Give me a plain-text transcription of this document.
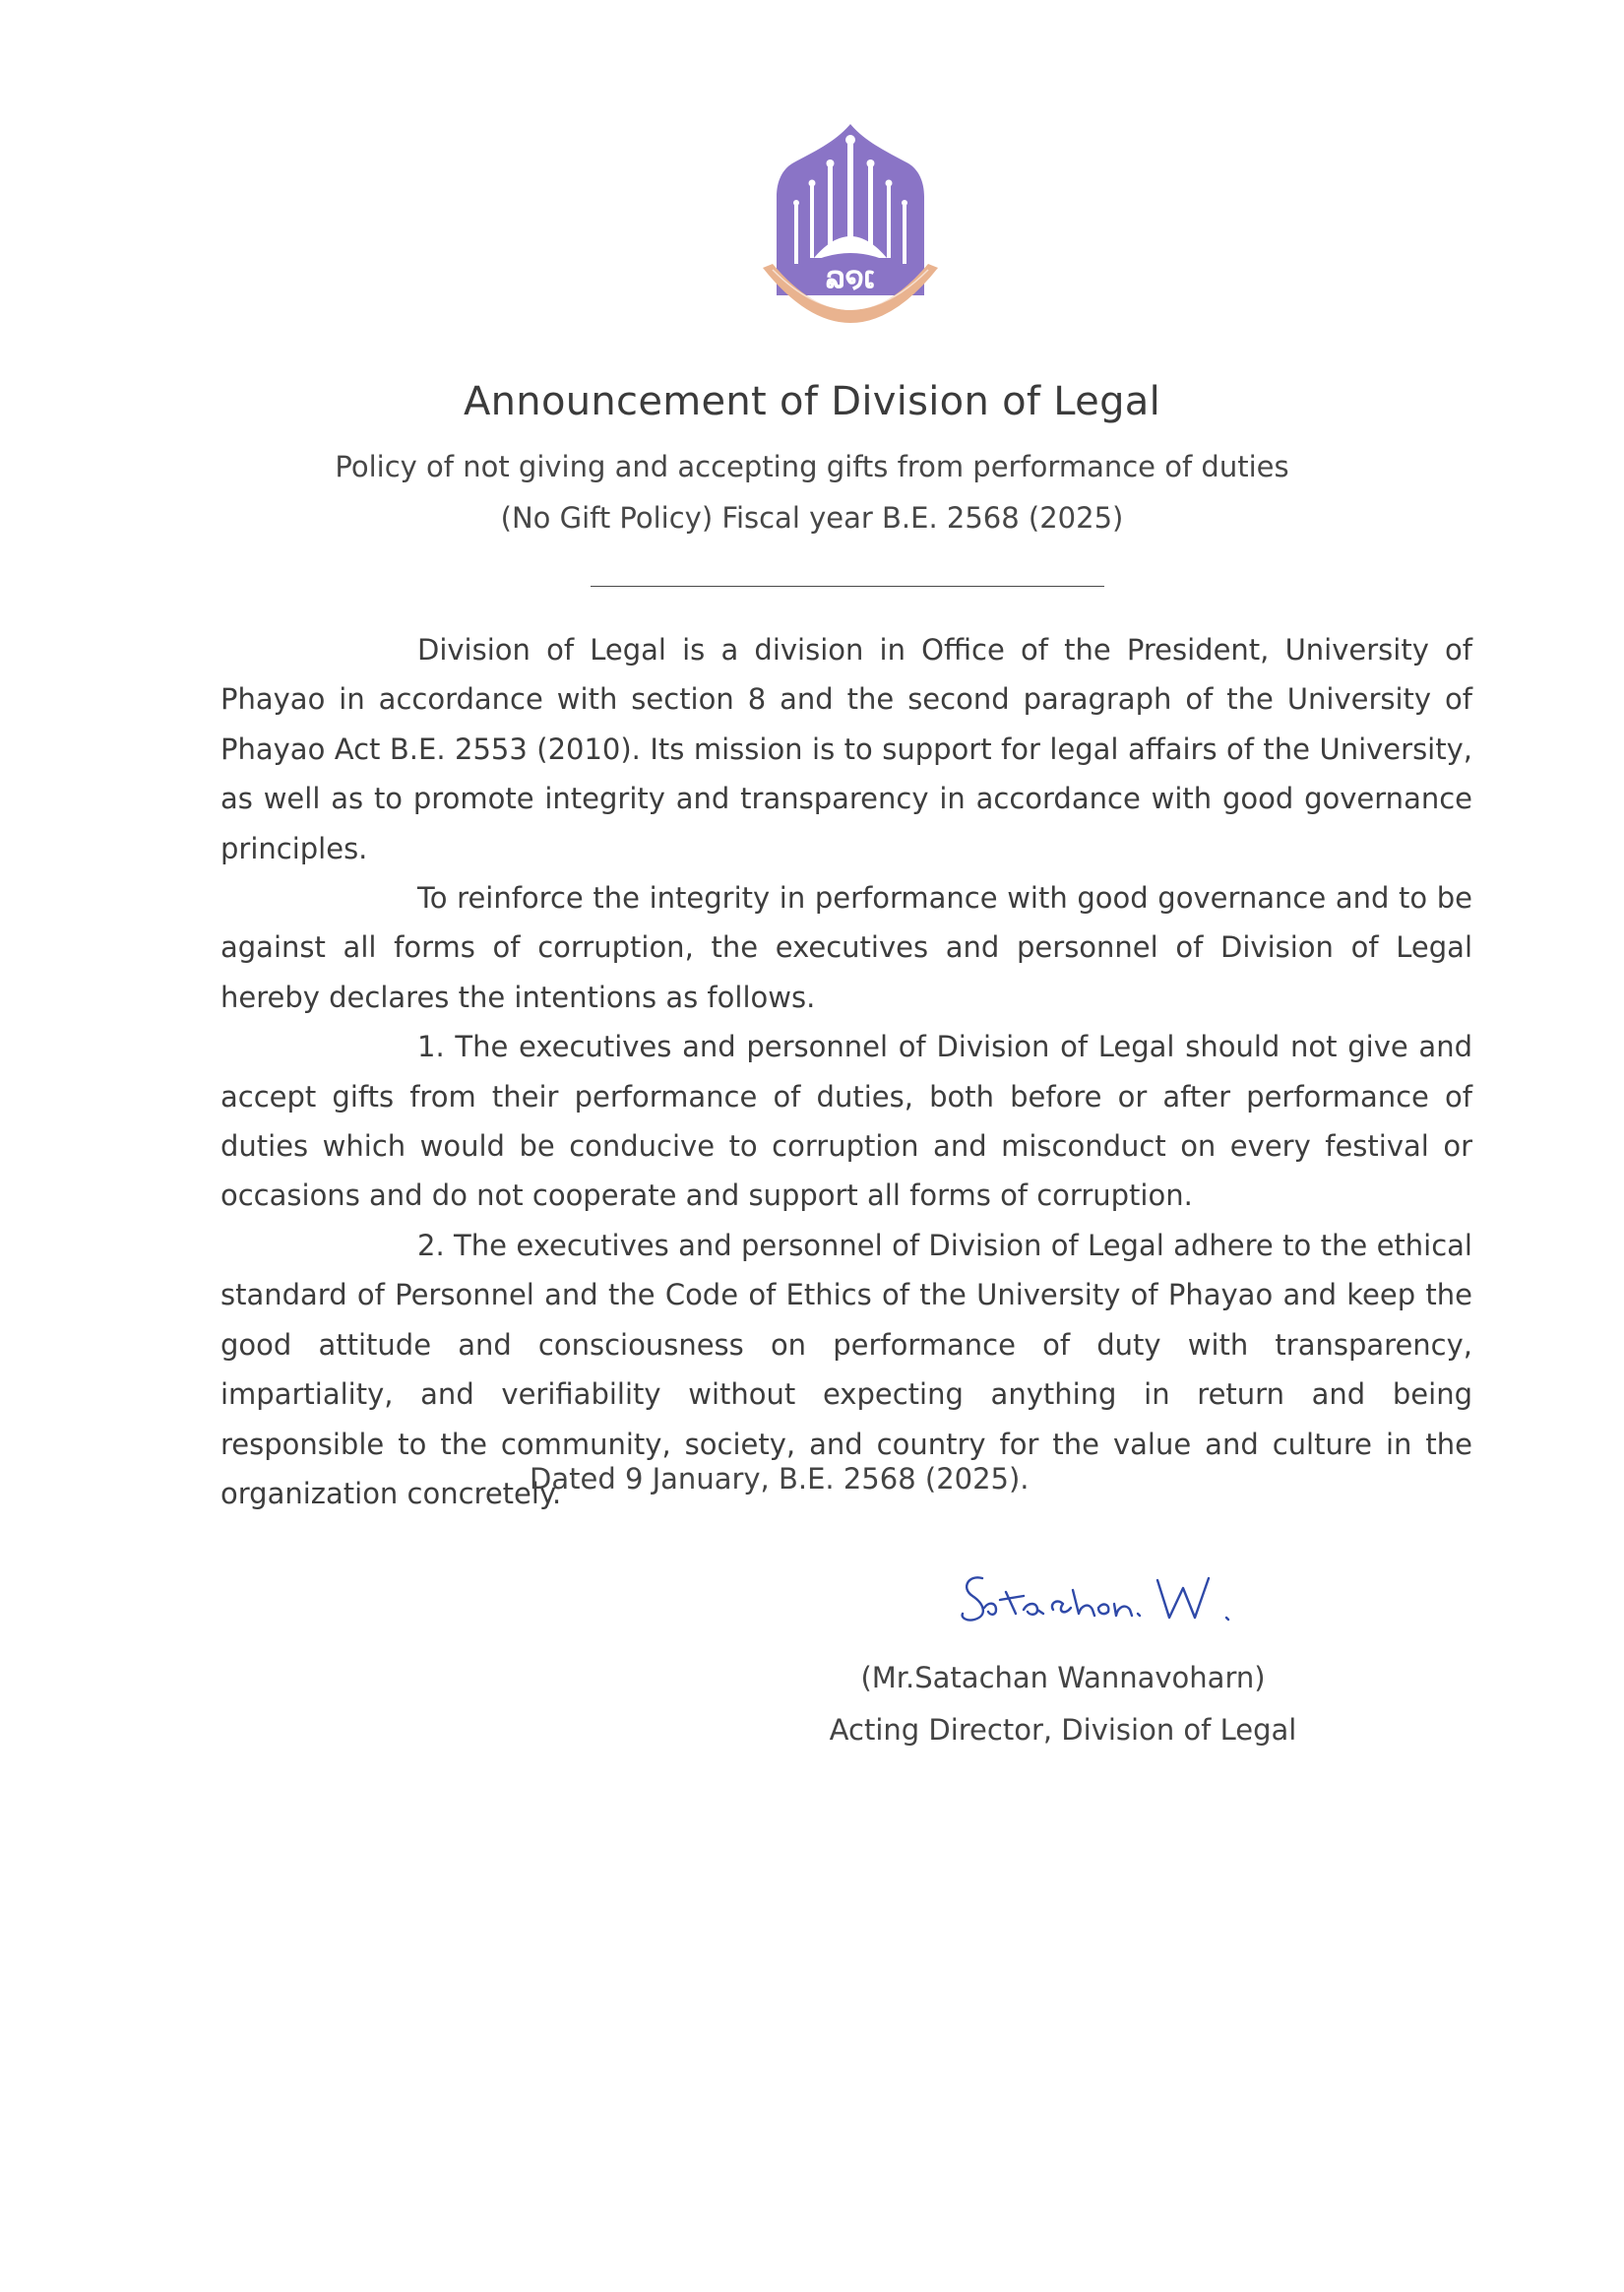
ລ໑ເ
Announcement of Division of Legal
Policy of not giving and accepting gifts from performance of duties
(No Gift Policy) Fiscal year B.E. 2568 (2025)

Division of Legal is a division in Office of the President, University of Phayao in accordance with section 8 and the second paragraph of the University of Phayao Act B.E. 2553 (2010). Its mission is to support for legal affairs of the University, as well as to promote integrity and transparency in accordance with good governance principles.

To reinforce the integrity in performance with good governance and to be against all forms of corruption, the executives and personnel of Division of Legal hereby declares the intentions as follows.

1. The executives and personnel of Division of Legal should not give and accept gifts from their performance of duties, both before or after performance of duties which would be conducive to corruption and misconduct on every festival or occasions and do not cooperate and support all forms of corruption.

2. The executives and personnel of Division of Legal adhere to the ethical standard of Personnel and the Code of Ethics of the University of Phayao and keep the good attitude and consciousness on performance of duty with transparency, impartiality, and verifiability without expecting anything in return and being responsible to the community, society, and country for the value and culture in the organization concretely.

Dated 9 January, B.E. 2568 (2025).
(Mr.Satachan Wannavoharn)
Acting Director, Division of Legal
